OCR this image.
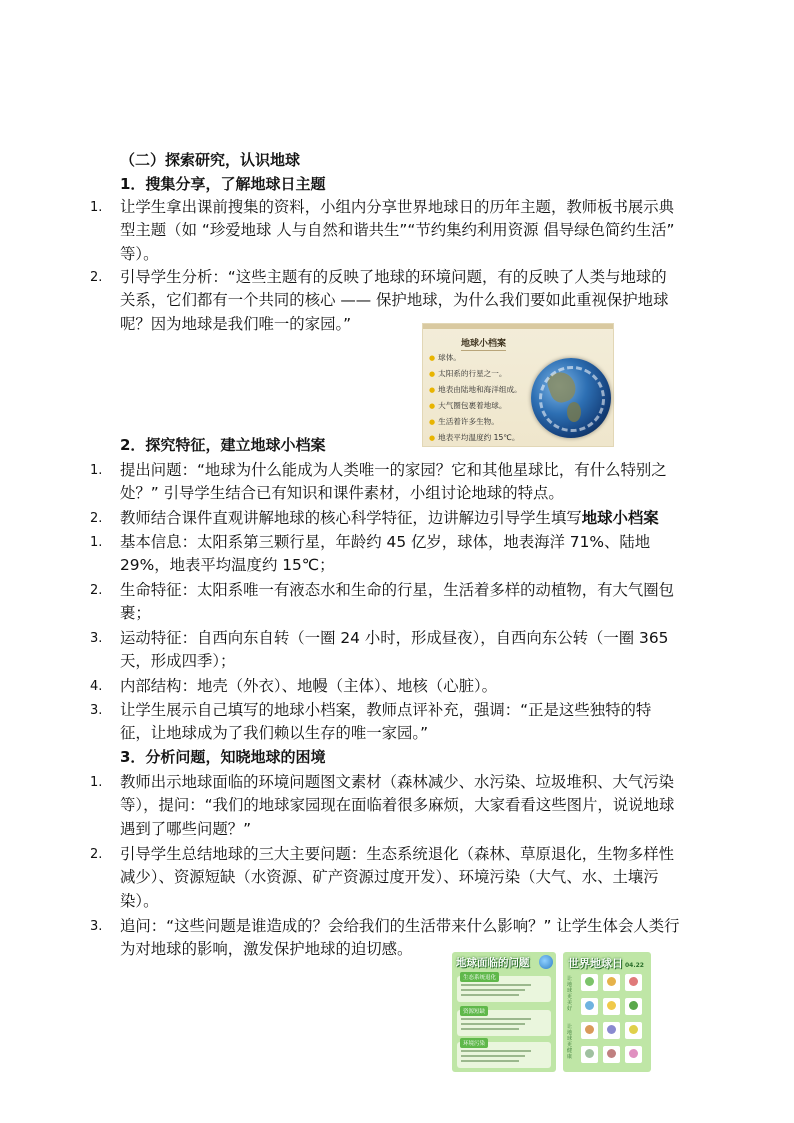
（二）探索研究，认识地球
1．搜集分享，了解地球日主题
1.	让学生拿出课前搜集的资料，小组内分享世界地球日的历年主题，教师板书展示典型主题（如 “珍爱地球 人与自然和谐共生”“节约集约利用资源 倡导绿色简约生活” 等）。
2.	引导学生分析：“这些主题有的反映了地球的环境问题，有的反映了人类与地球的关系，它们都有一个共同的核心 —— 保护地球，为什么我们要如此重视保护地球呢？因为地球是我们唯一的家园。”
地球小档案
● 球体。
● 太阳系的行星之一。
● 地表由陆地和海洋组成。
● 大气圈包裹着地球。
● 生活着许多生物。
● 地表平均温度约 15℃。
2．探究特征，建立地球小档案
1.	提出问题：“地球为什么能成为人类唯一的家园？它和其他星球比，有什么特别之处？” 引导学生结合已有知识和课件素材，小组讨论地球的特点。
2.	教师结合课件直观讲解地球的核心科学特征，边讲解边引导学生填写地球小档案
1.	基本信息：太阳系第三颗行星，年龄约 45 亿岁，球体，地表海洋 71%、陆地 29%，地表平均温度约 15℃；
2.	生命特征：太阳系唯一有液态水和生命的行星，生活着多样的动植物，有大气圈包裹；
3.	运动特征：自西向东自转（一圈 24 小时，形成昼夜），自西向东公转（一圈 365 天，形成四季）；
4.	内部结构：地壳（外衣）、地幔（主体）、地核（心脏）。
3.	让学生展示自己填写的地球小档案，教师点评补充，强调：“正是这些独特的特征，让地球成为了我们赖以生存的唯一家园。”
3．分析问题，知晓地球的困境
1.	教师出示地球面临的环境问题图文素材（森林减少、水污染、垃圾堆积、大气污染等），提问：“我们的地球家园现在面临着很多麻烦，大家看看这些图片，说说地球遇到了哪些问题？”
2.	引导学生总结地球的三大主要问题：生态系统退化（森林、草原退化，生物多样性减少）、资源短缺（水资源、矿产资源过度开发）、环境污染（大气、水、土壤污染）。
3.	追问：“这些问题是谁造成的？会给我们的生活带来什么影响？” 让学生体会人类行为对地球的影响，激发保护地球的迫切感。
地球面临的问题
生态系统退化
资源短缺
环境污染
世界地球日 04.22
让地球更美好
让地球更健康
